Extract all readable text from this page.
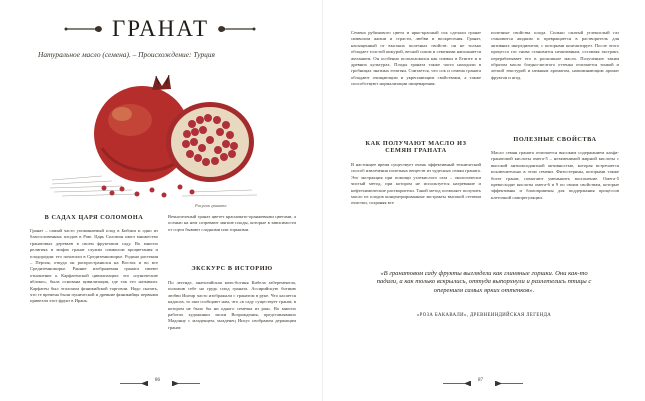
ГРАНАТ
Натуральное масло (семена). – Происхождение: Турция
Рисунок граната
В САДАХ ЦАРЯ СОЛОМОНА
Гранат – самый часто упоминаемый плод в Библии и одно из благословенных плодов в Раю. Царь Соломон имел множество гранатовых деревьев в своем фруктовом саду. Во многих религиях и мифах гранат служил символом процветания и плодородия: его почитали в Средиземноморье. Родина растения – Персия, откуда он распространился на Восток и во все Средиземноморье. Ранние изображения граната имеют отношение к Карфагенской цивилизации: это «пунические яблоки», была основана цивилизация, где так его называли. Карфаген был эталоном финикийской торговли. Надо сказать, что те времена были пунической и древние финикийцы первыми привезли этот фрукт в Ирань.
Вечнозеленый гранат цветет красновато-оранжевыми цветами, а осенью на нем созревают мягкие плоды, которые в зависимости от сорта бывают сладкими или горькими.
ЭКСКУРС В ИСТОРИЮ
По легенде, анатолийская мать-богиня Кибела забеременела, положив себе на грудь плод граната. Ассирийскую богиню любви Иштар часто изображали с гранатом в руке. Что касается кадисов, то они сообщают нам, что «в саду существует гранат, в котором не было бы ни одного семечка из рая». Во многих работах художники эпохи Возрождения, представлявших Мадонну с младенцем, младенец Иисус изображен держащим гранат.
86
Семена рубинового цвета и ярко-красный сок сделали гранат символом жизни и страсти, любви и воскресения. Гранат, насыщенный от высоких полезных свойств: он не только обладает толстой кожурой, весной соком и семенами наполняется желанием. Он особенно использовался как символ в Египте и в древних культурах. Плоды граната также часто находили в гробницах знатных египтян. Считается, что сок и семена граната обладают очищающим и укрепляющим свойствами, а также способствуют нормализации пищеварения.
КАК ПОЛУЧАЮТ МАСЛО ИЗ СЕМЯН ГРАНАТА
В настоящее время существует очень эффективный технический способ извлечения полезных веществ из чудесных семян граната. Это экстракция при помощи углекислого газа – экологически чистый метод, при котором не используется нагревание и нефтехимические растворители. Такой метод позволяет получить масло из плодов концентрированные экстракты высокой степени очистки, сохраняя все
полезные свойства плода. Сильно сжатый углекислый газ становится жидким и превращается в растворитель для активных ингредиентов, с которыми контактирует. После этого процесса газ снова становится неактивным, оставляя экстракт, перерабатывает его в роскошное масло. Полученное таким образом масло бледно-желтого оттенка отличается тонкой и легкой текстурой и нежным ароматом, напоминающим аромат фруктов и ягод.
ПОЛЕЗНЫЕ СВОЙСТВА
Масло семян граната отличается высоким содержанием альфа-гранатовой кислоты омега-5 – незаменимой жирной кислоты с высокой антиоксидантной активностью, которая встречается исключительно в этом семени. Фитостерины, которыми также богат гранат, помогают уменьшить воспаление. Омега-5 превосходят кислоты омега-6 и 9 по своим свойствам, которые эффективны и благоприятны для поддержания процессов клеточной саморегуляции.
«В гранатовом саду фрукты выглядели как глиняные горшки. Они как-то падали, а как только вскрылись, оттуда выпорхнули и разлетелись птицы с оперением самых ярких оттенков».
«РОЗА БАКАВАЛИ», ДРЕВНЕИНДИЙСКАЯ ЛЕГЕНДА
87
